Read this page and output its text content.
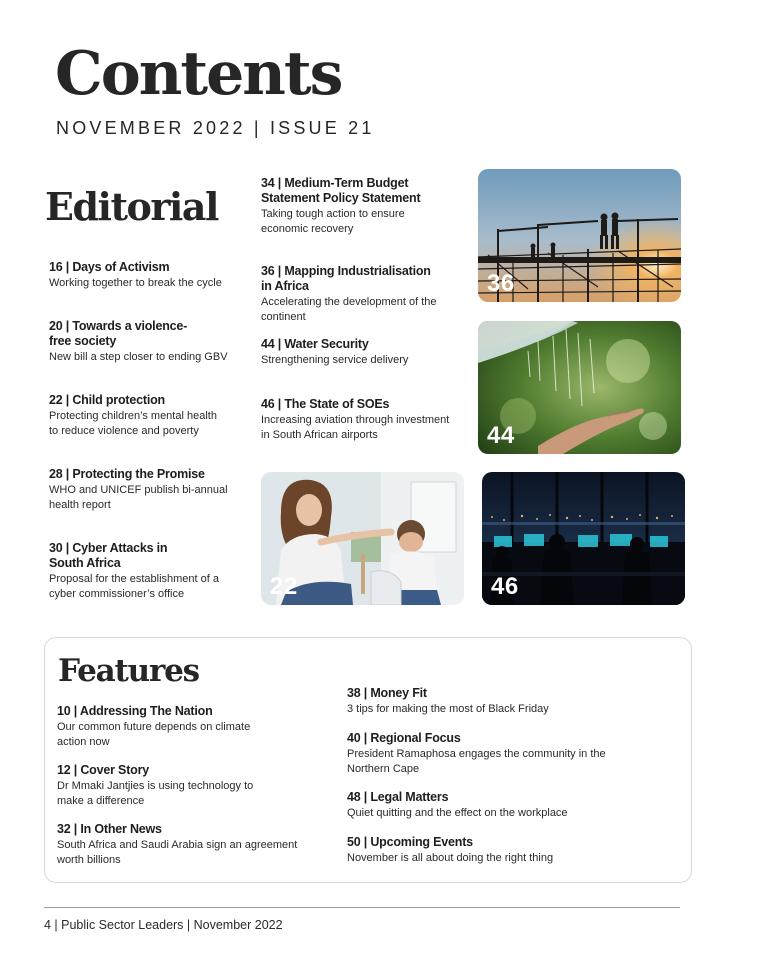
Contents
NOVEMBER 2022 | ISSUE 21
Editorial
16 | Days of Activism
Working together to break the cycle
20 | Towards a violence-
free society
New bill a step closer to ending GBV
22 | Child protection
Protecting children’s mental health
to reduce violence and poverty
28 | Protecting the Promise
WHO and UNICEF publish bi-annual
health report
30 | Cyber Attacks in
South Africa
Proposal for the establishment of a
cyber commissioner’s office
34 | Medium-Term Budget
Statement Policy Statement
Taking tough action to ensure
economic recovery
36 | Mapping Industrialisation
in Africa
Accelerating the development of the
continent
44 | Water Security
Strengthening service delivery
46 | The State of SOEs
Increasing aviation through investment
in South African airports
36
44
22	46
Features
10 | Addressing The Nation
Our common future depends on climate
action now
12 | Cover Story
Dr Mmaki Jantjies is using technology to
make a difference
32 | In Other News
South Africa and Saudi Arabia sign an agreement
worth billions
38 | Money Fit
3 tips for making the most of Black Friday
40 | Regional Focus
President Ramaphosa engages the community in the
Northern Cape
48 | Legal Matters
Quiet quitting and the effect on the workplace
50 | Upcoming Events
November is all about doing the right thing
4 | Public Sector Leaders | November 2022
